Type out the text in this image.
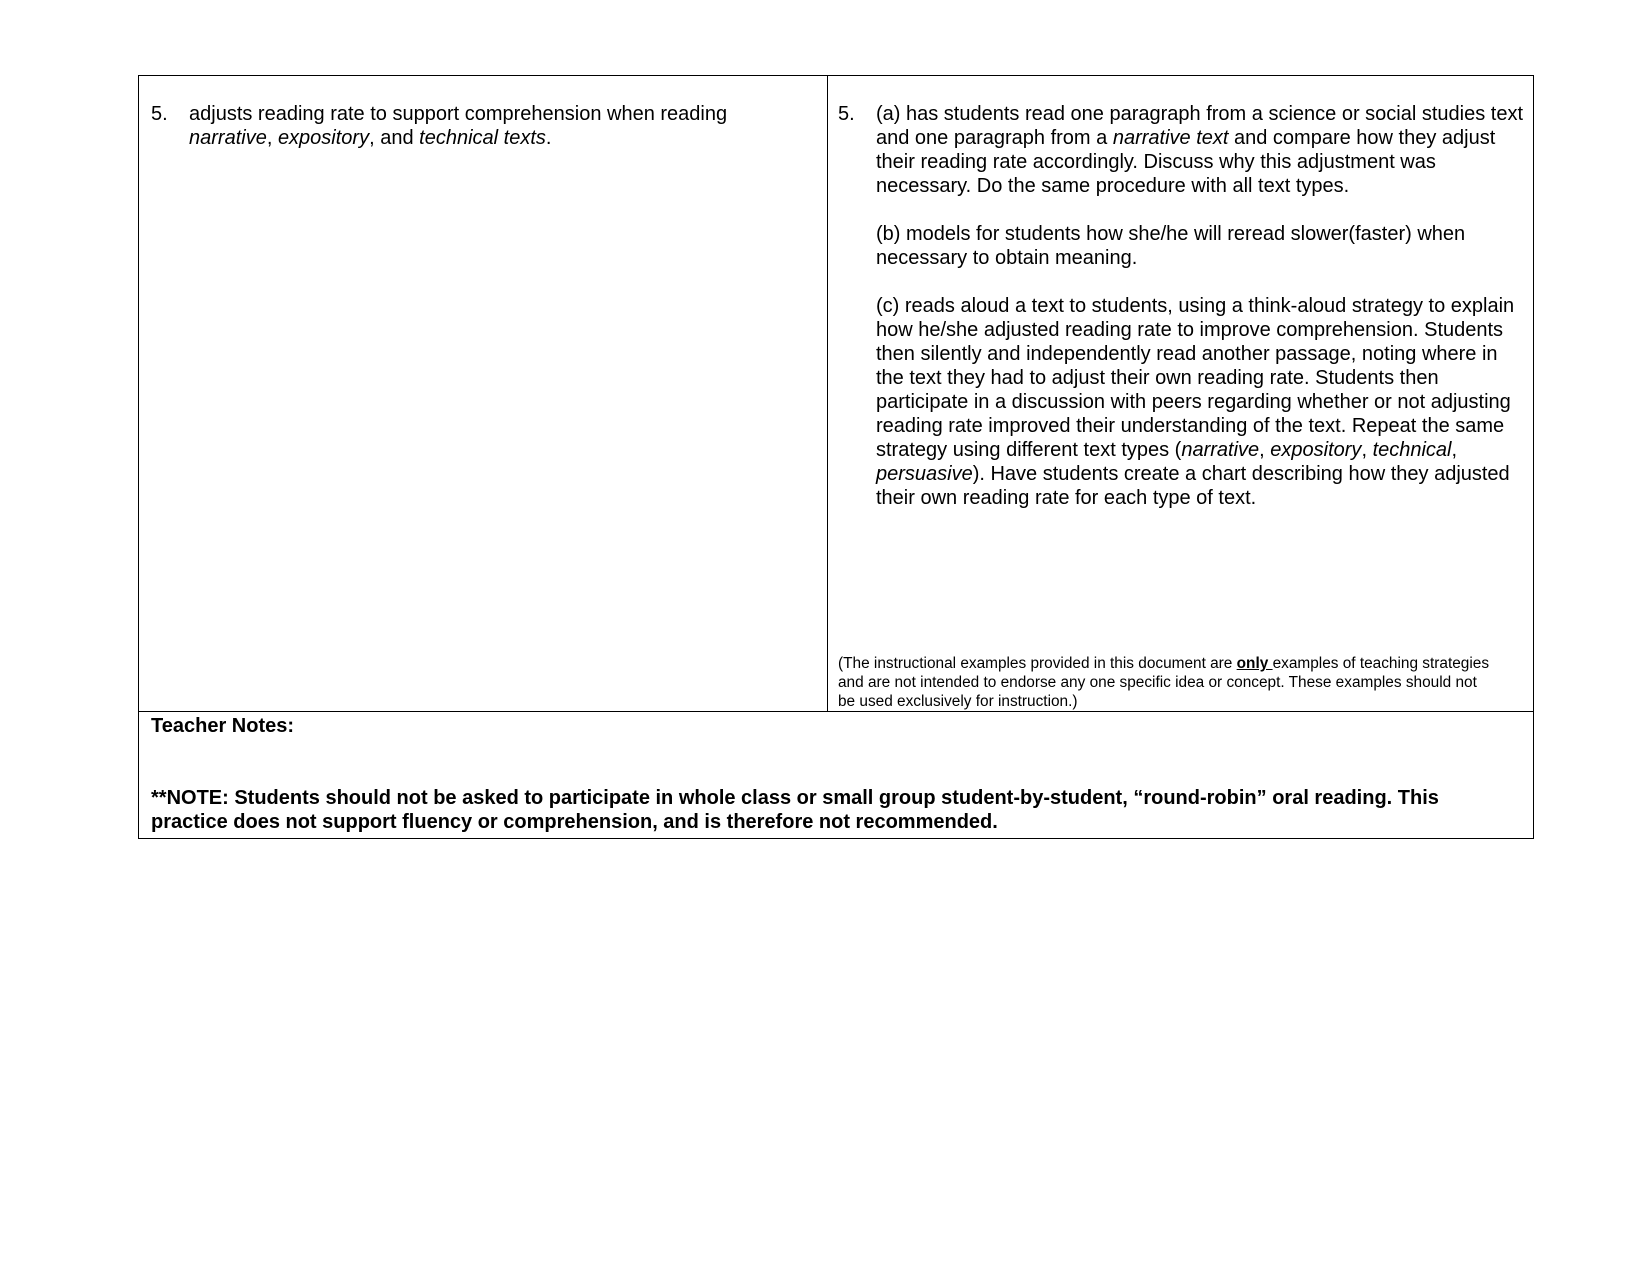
5.	adjusts reading rate to support comprehension when reading
narrative, expository, and technical texts.
5.	(a) has students read one paragraph from a science or social studies text and one paragraph from a narrative text and compare how they adjust their reading rate accordingly. Discuss why this adjustment was necessary. Do the same procedure with all text types.

(b) models for students how she/he will reread slower(faster) when necessary to obtain meaning.

(c) reads aloud a text to students, using a think-aloud strategy to explain how he/she adjusted reading rate to improve comprehension. Students then silently and independently read another passage, noting where in the text they had to adjust their own reading rate. Students then participate in a discussion with peers regarding whether or not adjusting reading rate improved their understanding of the text. Repeat the same strategy using different text types (narrative, expository, technical, persuasive). Have students create a chart describing how they adjusted their own reading rate for each type of text.

(The instructional examples provided in this document are only examples of teaching strategies and are not intended to endorse any one specific idea or concept. These examples should not be used exclusively for instruction.)

Teacher Notes:

**NOTE: Students should not be asked to participate in whole class or small group student-by-student, “round-robin” oral reading. This practice does not support fluency or comprehension, and is therefore not recommended.
